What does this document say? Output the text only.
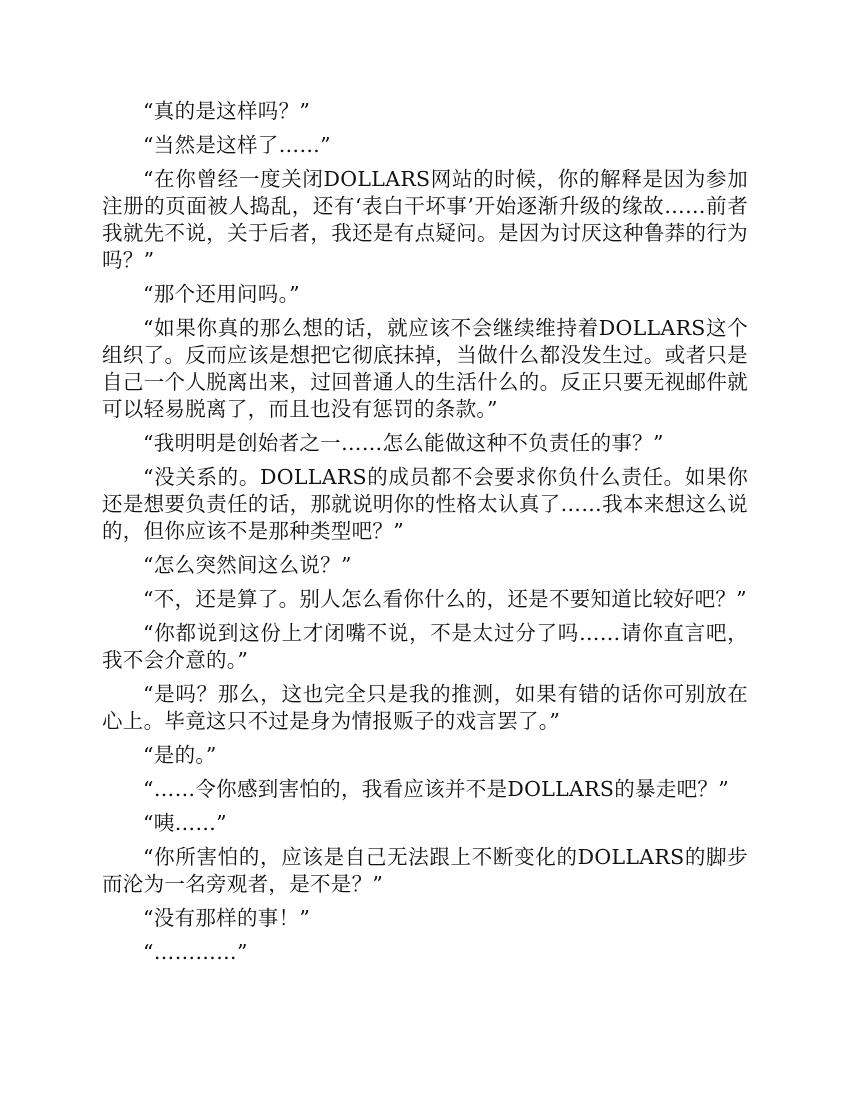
“真的是这样吗？”

“当然是这样了……”

“在你曾经一度关闭DOLLARS网站的时候，你的解释是因为参加注册的页面被人捣乱，还有‘表白干坏事’开始逐渐升级的缘故……前者我就先不说，关于后者，我还是有点疑问。是因为讨厌这种鲁莽的行为吗？”

“那个还用问吗。”

“如果你真的那么想的话，就应该不会继续维持着DOLLARS这个组织了。反而应该是想把它彻底抹掉，当做什么都没发生过。或者只是自己一个人脱离出来，过回普通人的生活什么的。反正只要无视邮件就可以轻易脱离了，而且也没有惩罚的条款。”

“我明明是创始者之一……怎么能做这种不负责任的事？”

“没关系的。DOLLARS的成员都不会要求你负什么责任。如果你还是想要负责任的话，那就说明你的性格太认真了……我本来想这么说的，但你应该不是那种类型吧？”

“怎么突然间这么说？”

“不，还是算了。别人怎么看你什么的，还是不要知道比较好吧？”

“你都说到这份上才闭嘴不说，不是太过分了吗……请你直言吧，我不会介意的。”

“是吗？那么，这也完全只是我的推测，如果有错的话你可别放在心上。毕竟这只不过是身为情报贩子的戏言罢了。”

“是的。”

“……令你感到害怕的，我看应该并不是DOLLARS的暴走吧？”

“咦……”

“你所害怕的，应该是自己无法跟上不断变化的DOLLARS的脚步而沦为一名旁观者，是不是？”

“没有那样的事！”

“…………”
